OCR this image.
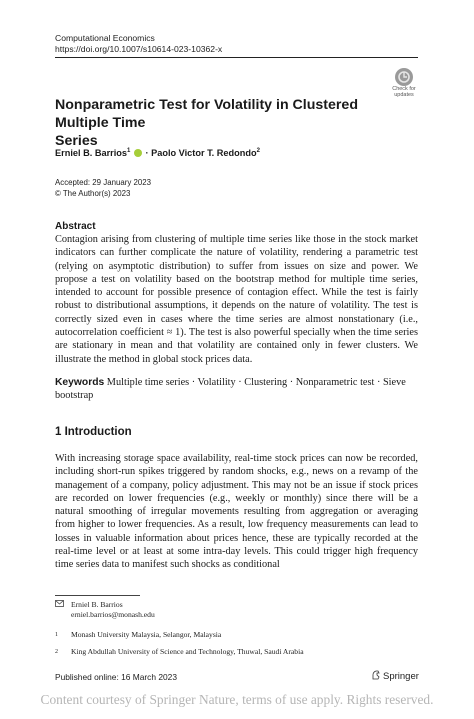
Computational Economics
https://doi.org/10.1007/s10614-023-10362-x
Check for
updates
Nonparametric Test for Volatility in Clustered Multiple Time
Series
Erniel B. Barrios$^1$  · Paolo Victor T. Redondo$^2$
Accepted: 29 January 2023
© The Author(s) 2023
Abstract
Contagion arising from clustering of multiple time series like those in the stock market indicators can further complicate the nature of volatility, rendering a parametric test (relying on asymptotic distribution) to suffer from issues on size and power. We propose a test on volatility based on the bootstrap method for multiple time series, intended to account for possible presence of contagion effect. While the test is fairly robust to distributional assumptions, it depends on the nature of volatility. The test is correctly sized even in cases where the time series are almost nonstationary (i.e., autocorrelation coefficient ≈ 1). The test is also powerful specially when the time series are stationary in mean and that volatility are contained only in fewer clusters. We illustrate the method in global stock prices data.
Keywords Multiple time series · Volatility · Clustering · Nonparametric test · Sieve bootstrap
1 Introduction
With increasing storage space availability, real-time stock prices can now be recorded, including short-run spikes triggered by random shocks, e.g., news on a revamp of the management of a company, policy adjustment. This may not be an issue if stock prices are recorded on lower frequencies (e.g., weekly or monthly) since there will be a natural smoothing of irregular movements resulting from aggregation or averaging from higher to lower frequencies. As a result, low frequency measurements can lead to losses in valuable information about prices hence, these are typically recorded at the real-time level or at least at some intra-day levels. This could trigger high frequency time series data to manifest such shocks as conditional
Erniel B. Barrios
erniel.barrios@monash.edu
1 Monash University Malaysia, Selangor, Malaysia
2 King Abdullah University of Science and Technology, Thuwal, Saudi Arabia
Published online: 16 March 2023	Springer
Content courtesy of Springer Nature, terms of use apply. Rights reserved.
